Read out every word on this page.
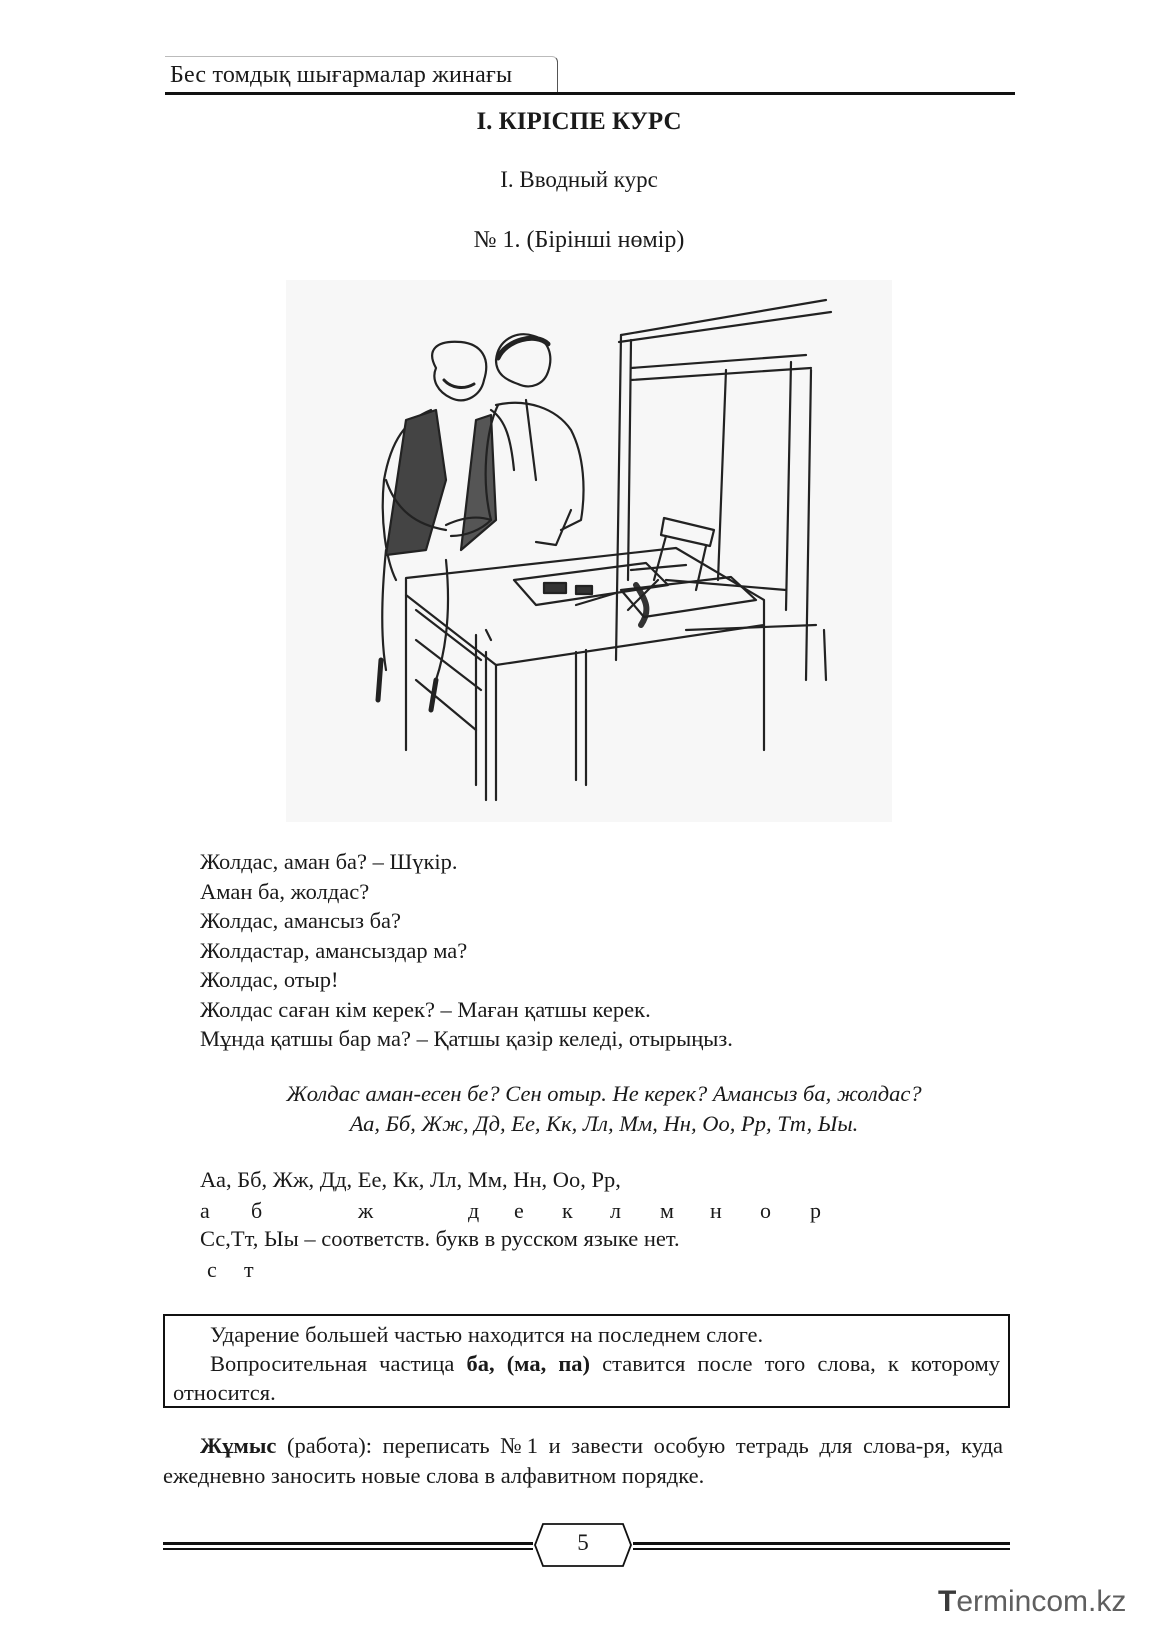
Бес томдық шығармалар жинағы
I. КІРІСПЕ КУРС
I. Вводный курс
№ 1. (Бірінші нөмір)
Жолдас, аман ба? – Шүкір.
Аман ба, жолдас?
Жолдас, амансыз ба?
Жолдастар, амансыздар ма?
Жолдас, отыр!
Жолдас саған кім керек? – Маған қатшы керек.
Мұнда қатшы бар ма? – Қатшы қазір келеді, отырыңыз.
Жолдас аман-есен бе? Сен отыр. Не керек? Амансыз ба, жолдас?
Аа, Бб, Жж, Дд, Ее, Кк, Лл, Мм, Нн, Оо, Рр, Тт, Ыы.
Аа, Бб, Жж, Дд, Ее, Кк, Лл, Мм, Нн, Оо, Рр,
а б	ж	д е к л м н о р
Сс,Тт, Ыы – соответств. букв в русском языке нет.
с т

Ударение большей частью находится на последнем слоге.

Вопросительная частица ба, (ма, па) ставится после того слова, к которому относится.

Жұмыс (работа): переписать №1 и завести особую тетрадь для слова-ря, куда ежедневно заносить новые слова в алфавитном порядке.
5
Termincom.kz
